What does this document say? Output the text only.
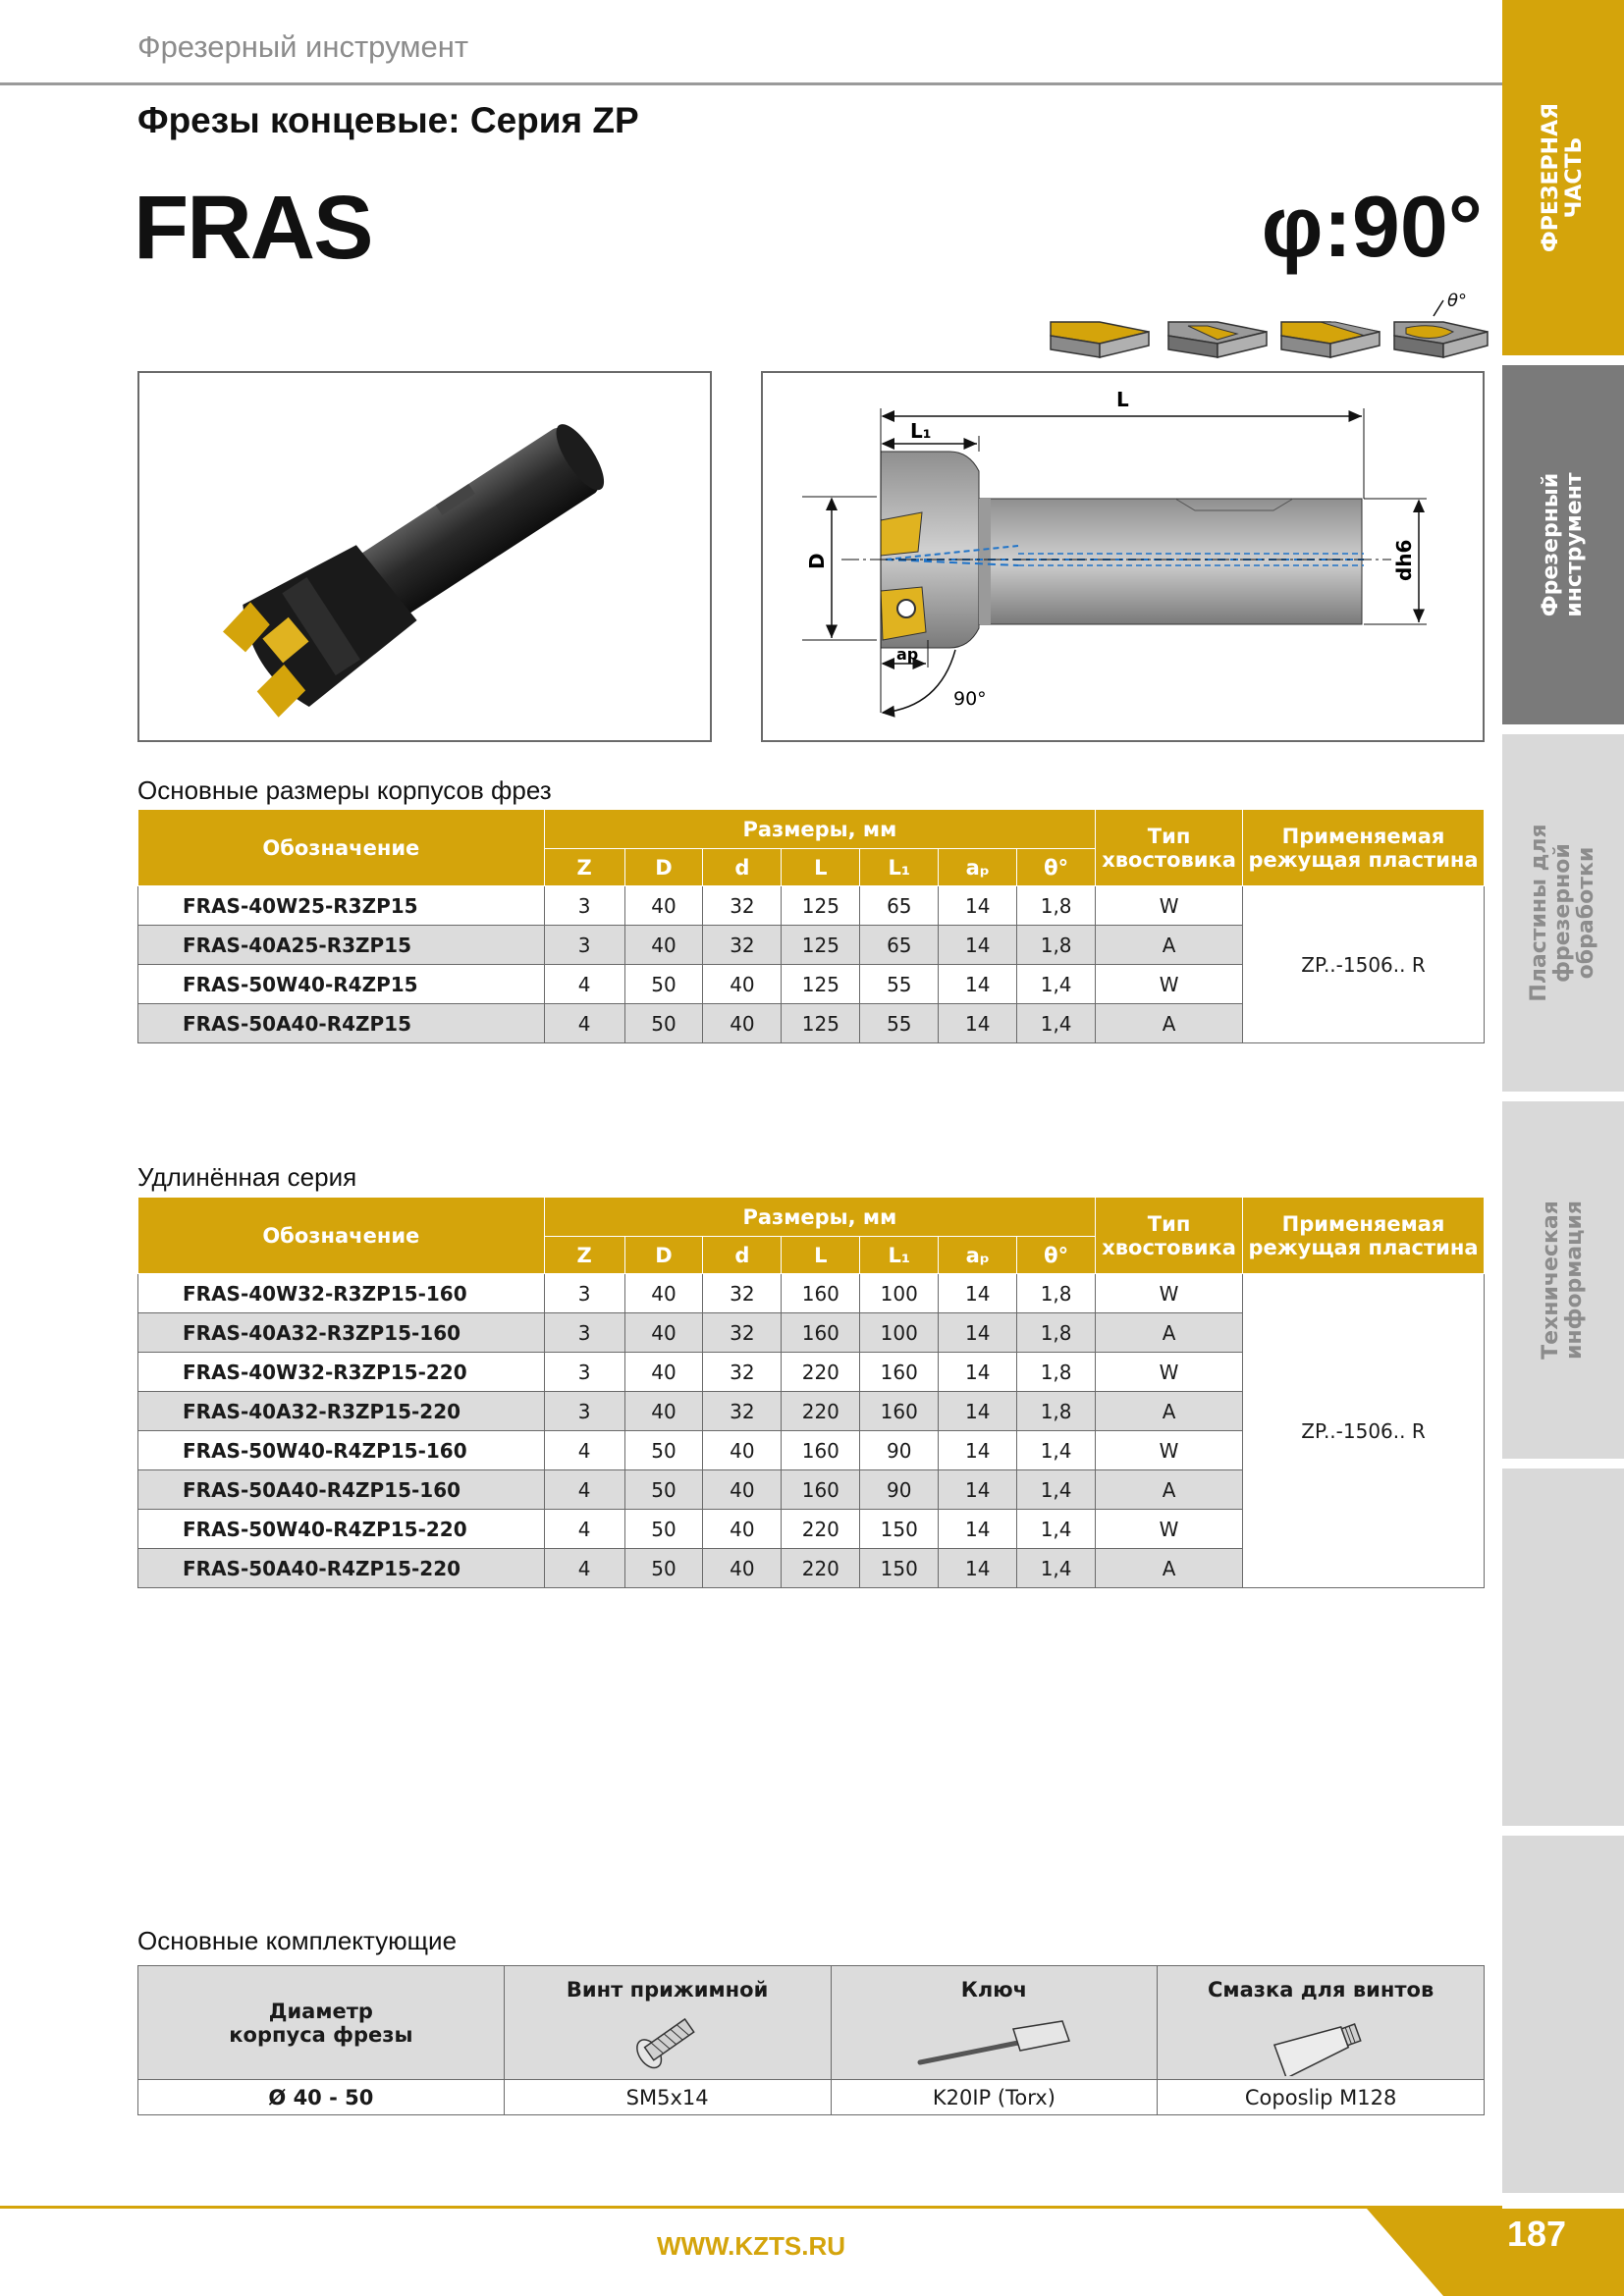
Фрезерный инструмент
Фрезы концевые: Серия ZP
FRAS	φ:90°
θ°
L
L₁
D	dh6
ap
90°
Основные размеры корпусов фрез
Обозначение	Размеры, мм							Тип хвостовика	Применяемая режущая пластина
	Z	D	d	L	L₁	aₚ	θ°		
FRAS-40W25-R3ZP15	3	40	32	125	65	14	1,8	W	ZP..-1506.. R
FRAS-40A25-R3ZP15	3	40	32	125	65	14	1,8	A	
FRAS-50W40-R4ZP15	4	50	40	125	55	14	1,4	W	
FRAS-50A40-R4ZP15	4	50	40	125	55	14	1,4	A	
Удлинённая серия
Обозначение	Размеры, мм							Тип хвостовика	Применяемая режущая пластина
	Z	D	d	L	L₁	aₚ	θ°		
FRAS-40W32-R3ZP15-160	3	40	32	160	100	14	1,8	W	ZP..-1506.. R
FRAS-40A32-R3ZP15-160	3	40	32	160	100	14	1,8	A	
FRAS-40W32-R3ZP15-220	3	40	32	220	160	14	1,8	W	
FRAS-40A32-R3ZP15-220	3	40	32	220	160	14	1,8	A	
FRAS-50W40-R4ZP15-160	4	50	40	160	90	14	1,4	W	
FRAS-50A40-R4ZP15-160	4	50	40	160	90	14	1,4	A	
FRAS-50W40-R4ZP15-220	4	50	40	220	150	14	1,4	W	
FRAS-50A40-R4ZP15-220	4	50	40	220	150	14	1,4	A	
Основные комплектующие
Диаметр корпуса фрезы	Винт прижимной	Ключ	Смазка для винтов

Ø 40 - 50	SM5x14	K20IP (Torx)	Coposlip M128
ФРЕЗЕРНАЯ ЧАСТЬ
Фрезерный инструмент
Пластины для фрезерной обработки
Техническая информация
WWW.KZTS.RU	187
